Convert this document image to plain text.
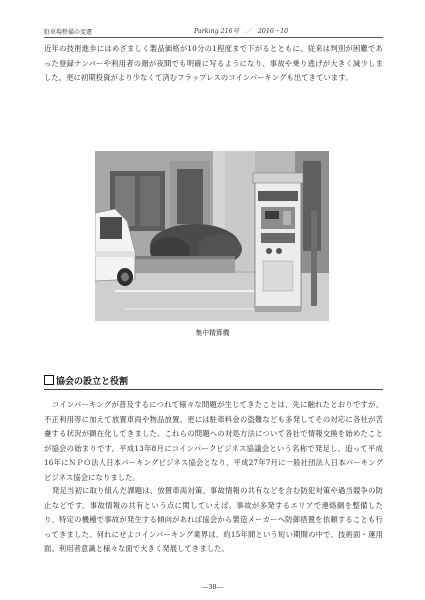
駐車場整備の変遷	Parking 216号　／　2016・10

近年の技術進歩にはめざましく製品価格が10分の1程度まで下がるとともに、従来は判別が困難であった登録ナンバーや利用者の顔が夜間でも明確に写るようになり、事故や乗り逃げが大きく減少しました。更に初期投資がより少なくて済むフラップレスのコインパーキングも出てきています。

集中精算機
協会の設立と役割

コインパーキングが普及するにつれて様々な問題が生じてきたことは、先に触れたとおりですが、不正利用等に加えて放置車両や物品放置、更には駐車料金の盗難なども多発してその対応に各社が苦慮する状況が顕在化してきました。これらの問題への対処方法について各社で情報交換を始めたことが協会の始まりです。平成13年8月にコインパークビジネス協議会という名称で発足し、追って平成16年にＮＰＯ法人日本パーキングビジネス協会となり、平成27年7月に一般社団法人日本パーキングビジネス協会になりました。

発足当初に取り組んだ課題は、放置車両対策、事故情報の共有などを含む防犯対策や過当競争の防止などです。事故情報の共有という点に関していえば、事故が多発するエリアで連絡網を整備したり、特定の機種で事故が発生する傾向があれば協会から製造メーカーへ防御措置を依頼することも行ってきました。何れにせよコインパーキング業界は、約15年間という短い期間の中で、技術面・運用面、利用者意識と様々な面で大きく発展してきました。

—38—
